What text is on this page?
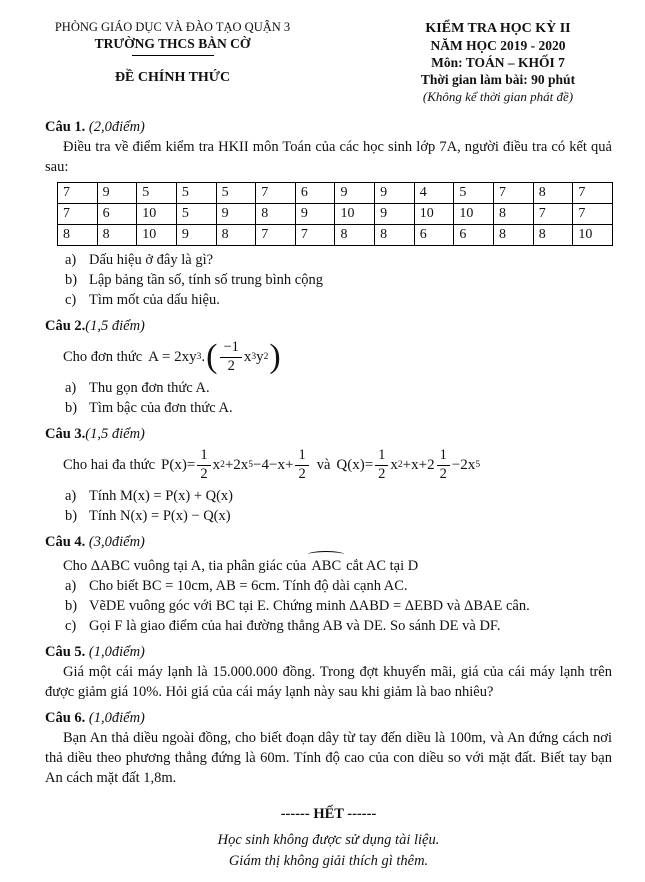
PHÒNG GIÁO DỤC VÀ ĐÀO TẠO QUẬN 3
TRƯỜNG THCS BÀN CỜ
ĐỀ CHÍNH THỨC
KIỂM TRA HỌC KỲ II
NĂM HỌC 2019 - 2020
Môn: TOÁN – KHỐI 7
Thời gian làm bài: 90 phút
(Không kể thời gian phát đề)
Câu 1. (2,0điểm)

Điều tra về điểm kiểm tra HKII môn Toán của các học sinh lớp 7A, người điều tra có kết quả sau:

7	9	5	5	5	7	6	9	9	4	5	7	8	7
7	6	10	5	9	8	9	10	9	10	10	8	7	7
8	8	10	9	8	7	7	8	8	6	6	8	8	10
a) Dấu hiệu ở đây là gì?
b) Lập bảng tần số, tính số trung bình cộng
c) Tìm mốt của dấu hiệu.
Câu 2.(1,5 điểm)
Cho đơn thức A = 2xy 3 . ( $\frac{-1}{2}$ x 3 y 2 )
a) Thu gọn đơn thức A.
b) Tìm bậc của đơn thức A.
Câu 3.(1,5 điểm)
Cho hai đa thức $P(x)= \frac{1}{2}$ x 2 +2x $5 -4-x+ \frac{1}{2}$ và $Q(x)= \frac{1}{2}$ x $2 +x+2 \frac{1}{2} -2x$ 5
a) Tính M(x) = P(x) + Q(x)
b) Tính N(x) = P(x) − Q(x)
Câu 4. (3,0điểm)
Cho ΔABC vuông tại A, tia phân giác của ABC cắt AC tại D
a) Cho biết BC = 10cm, AB = 6cm. Tính độ dài cạnh AC.
b) VẽDE vuông góc với BC tại E. Chứng minh ΔABD = ΔEBD và ΔBAE cân.
c) Gọi F là giao điểm của hai đường thẳng AB và DE. So sánh DE và DF.
Câu 5. (1,0điểm)

Giá một cái máy lạnh là 15.000.000 đồng. Trong đợt khuyến mãi, giá của cái máy lạnh trên được giảm giá 10%. Hỏi giá của cái máy lạnh này sau khi giảm là bao nhiêu?

Câu 6. (1,0điểm)

Bạn An thả diều ngoài đồng, cho biết đoạn dây từ tay đến diều là 100m, và An đứng cách nơi thả diều theo phương thẳng đứng là 60m. Tính độ cao của con diều so với mặt đất. Biết tay bạn An cách mặt đất 1,8m.

------ HẾT ------
Học sinh không được sử dụng tài liệu.
Giám thị không giải thích gì thêm.
